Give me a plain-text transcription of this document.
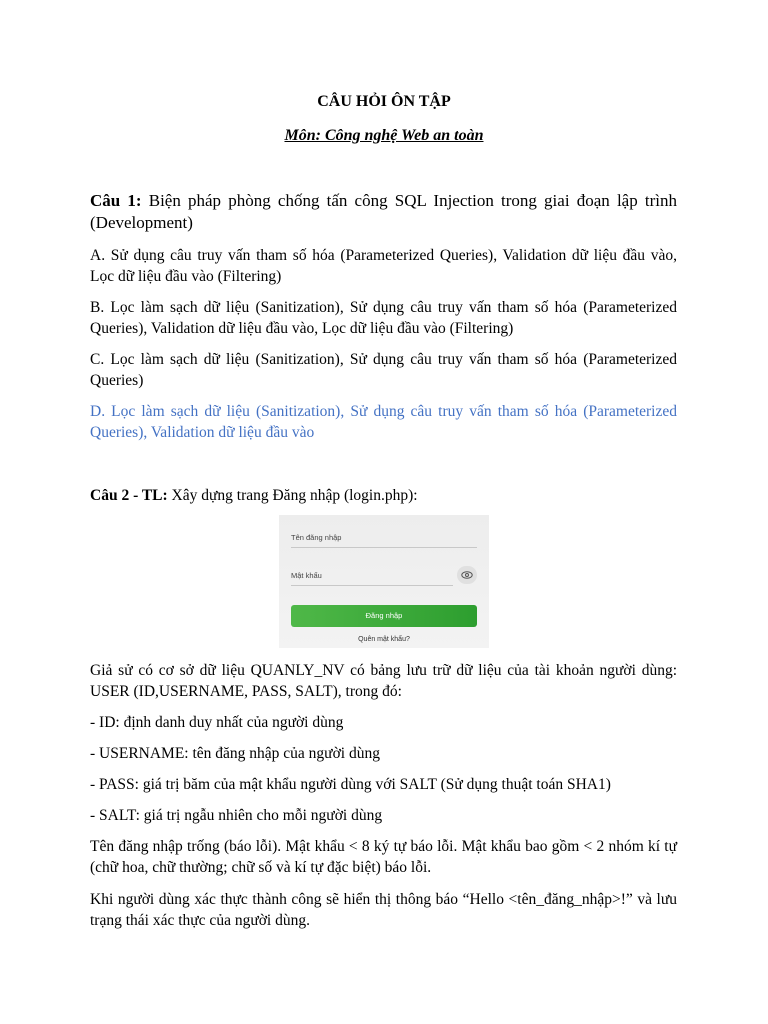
CÂU HỎI ÔN TẬP
Môn: Công nghệ Web an toàn
Câu 1: Biện pháp phòng chống tấn công SQL Injection trong giai đoạn lập trình (Development)
A. Sử dụng câu truy vấn tham số hóa (Parameterized Queries), Validation dữ liệu đầu vào, Lọc dữ liệu đầu vào (Filtering)
B. Lọc làm sạch dữ liệu (Sanitization), Sử dụng câu truy vấn tham số hóa (Parameterized Queries), Validation dữ liệu đầu vào, Lọc dữ liệu đầu vào (Filtering)
C. Lọc làm sạch dữ liệu (Sanitization), Sử dụng câu truy vấn tham số hóa (Parameterized Queries)
D. Lọc làm sạch dữ liệu (Sanitization), Sử dụng câu truy vấn tham số hóa (Parameterized Queries), Validation dữ liệu đầu vào
Câu 2 - TL: Xây dựng trang Đăng nhập (login.php):
Tên đăng nhập
Mật khẩu
Đăng nhập
Quên mật khẩu?
Giả sử có cơ sở dữ liệu QUANLY_NV có bảng lưu trữ dữ liệu của tài khoản người dùng: USER (ID,USERNAME, PASS, SALT), trong đó:
- ID: định danh duy nhất của người dùng
- USERNAME: tên đăng nhập của người dùng
- PASS: giá trị băm của mật khẩu người dùng với SALT (Sử dụng thuật toán SHA1)
- SALT: giá trị ngẫu nhiên cho mỗi người dùng
Tên đăng nhập trống (báo lỗi). Mật khẩu < 8 ký tự báo lỗi. Mật khẩu bao gồm < 2 nhóm kí tự (chữ hoa, chữ thường; chữ số và kí tự đặc biệt) báo lỗi.
Khi người dùng xác thực thành công sẽ hiển thị thông báo “Hello <tên_đăng_nhập>!” và lưu trạng thái xác thực của người dùng.
